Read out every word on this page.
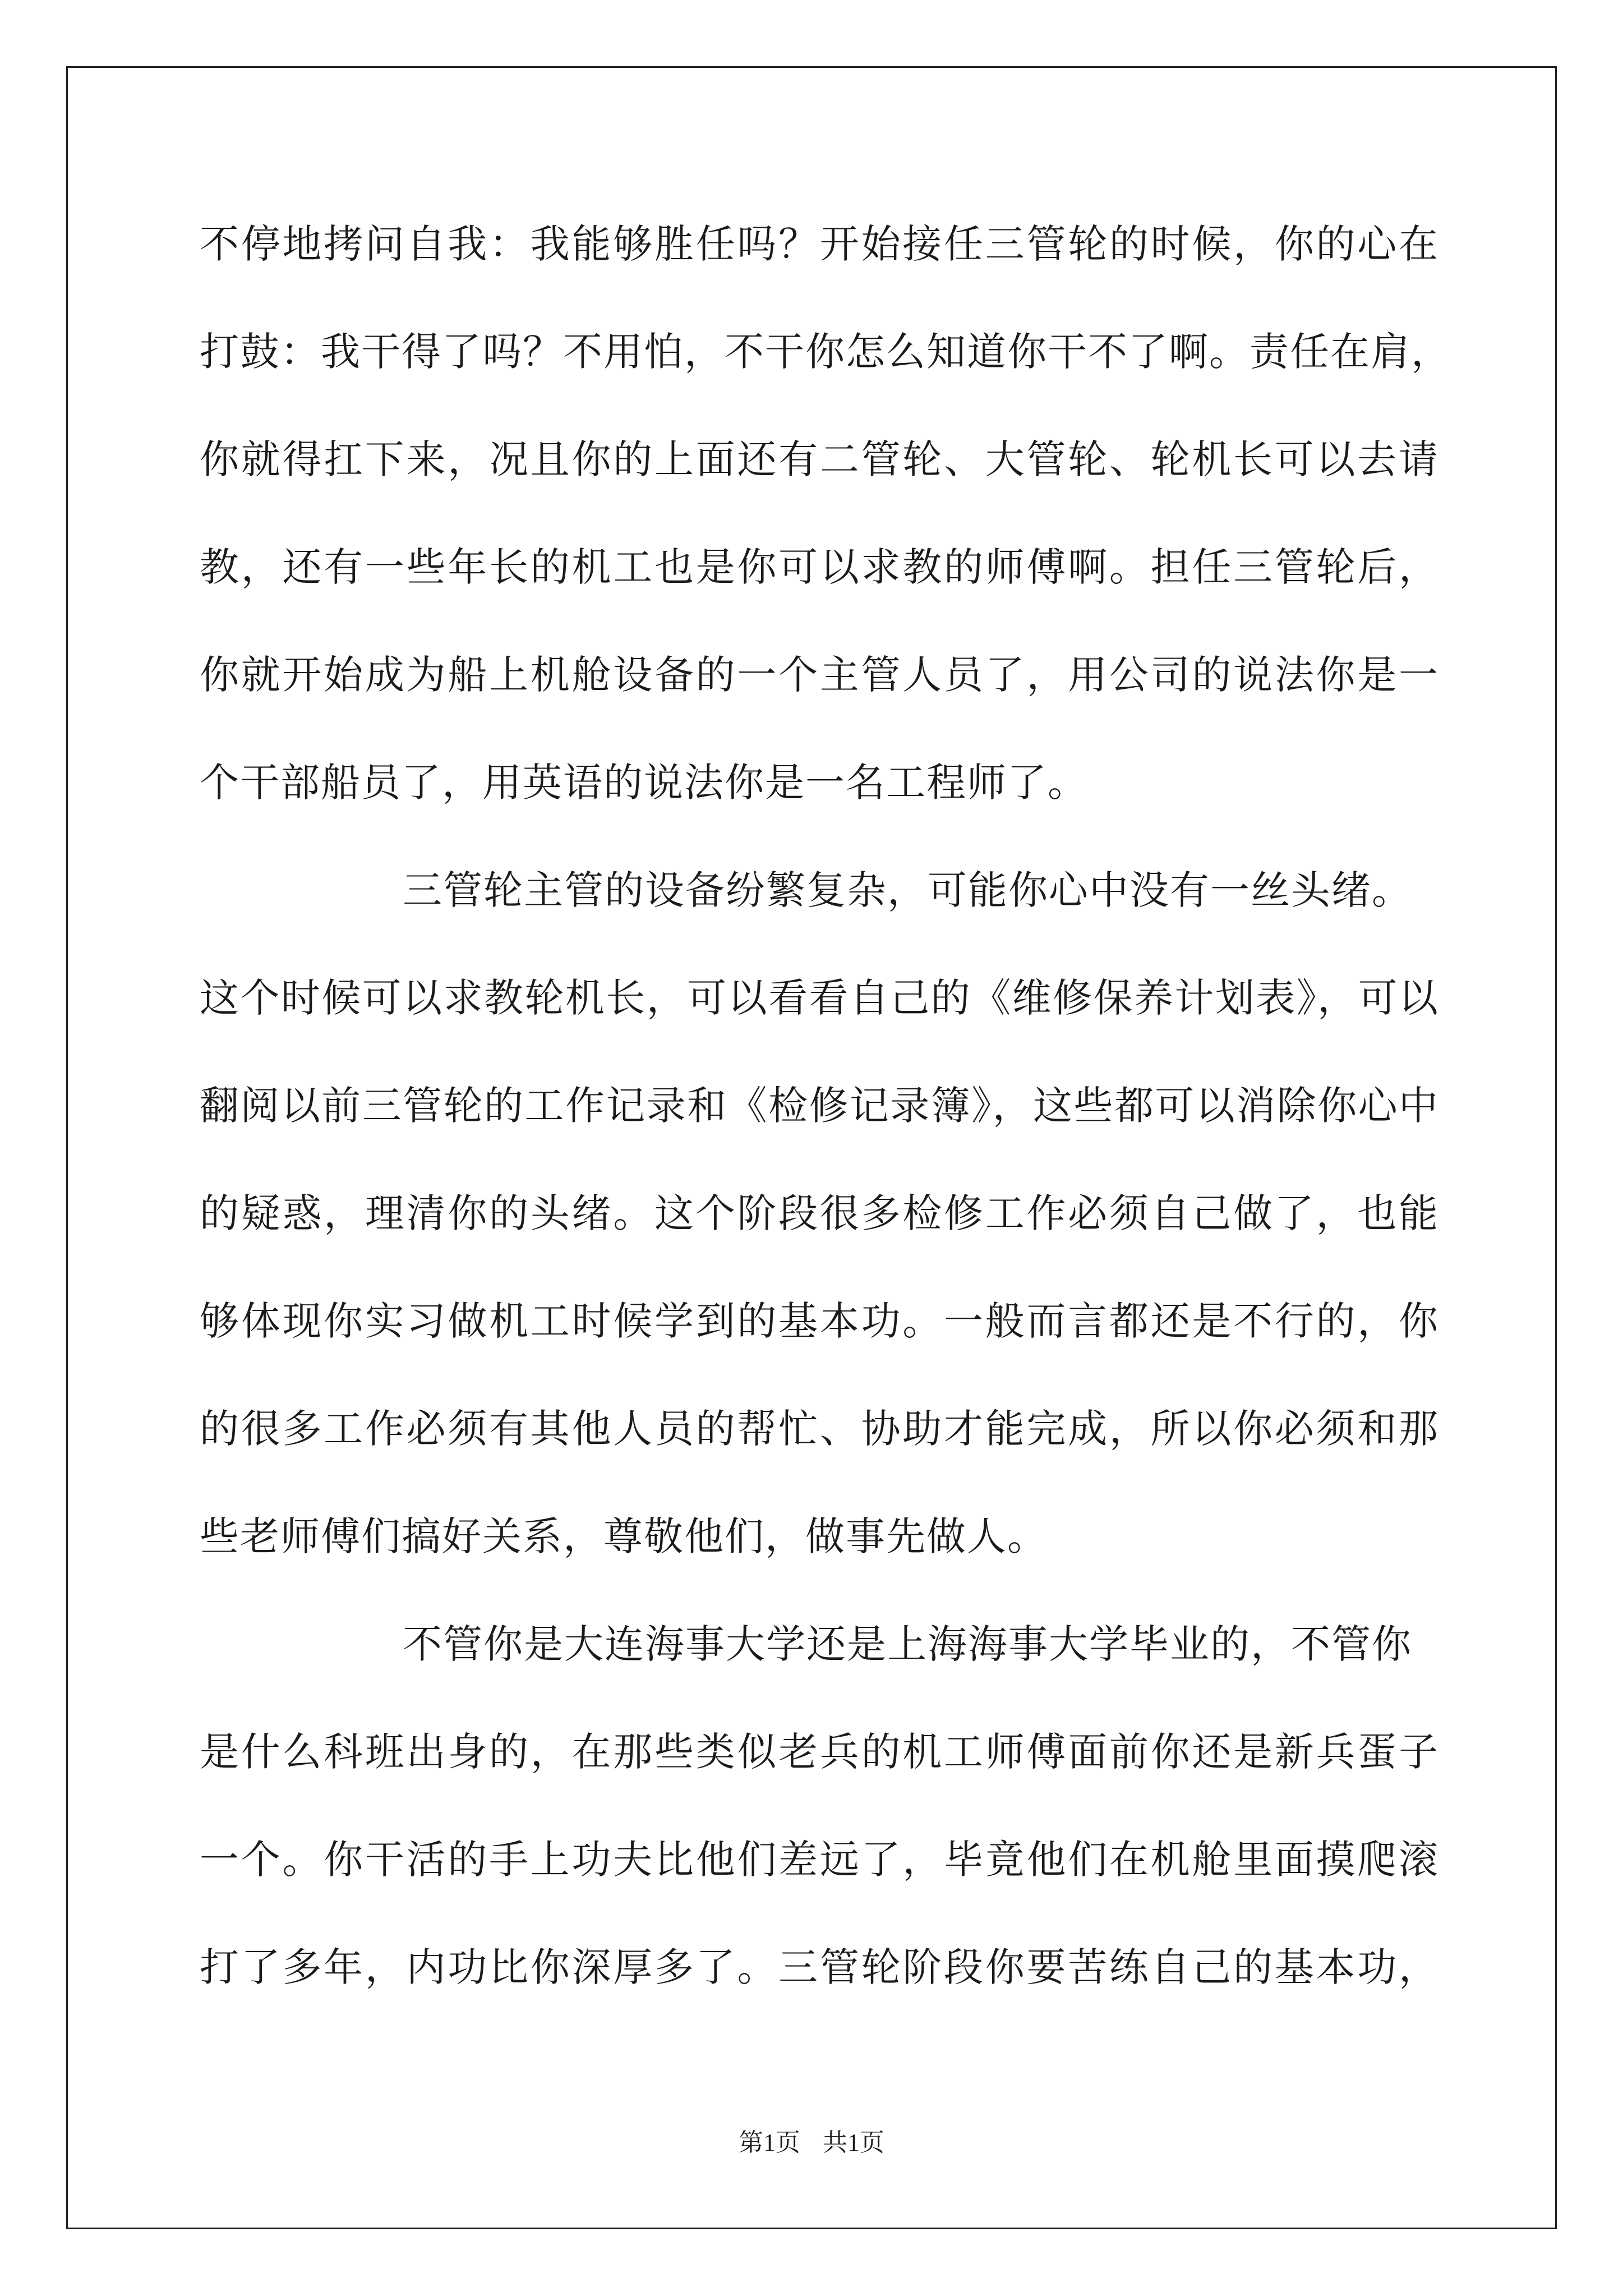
不停地拷问自我：我能够胜任吗？开始接任三管轮的时候，你的心在
打鼓：我干得了吗？不用怕，不干你怎么知道你干不了啊。责任在肩，
你就得扛下来，况且你的上面还有二管轮、大管轮、轮机长可以去请
教，还有一些年长的机工也是你可以求教的师傅啊。担任三管轮后，
你就开始成为船上机舱设备的一个主管人员了，用公司的说法你是一
个干部船员了，用英语的说法你是一名工程师了。
三管轮主管的设备纷繁复杂，可能你心中没有一丝头绪。
这个时候可以求教轮机长，可以看看自己的《维修保养计划表》，可以
翻阅以前三管轮的工作记录和《检修记录簿》，这些都可以消除你心中
的疑惑，理清你的头绪。这个阶段很多检修工作必须自己做了，也能
够体现你实习做机工时候学到的基本功。一般而言都还是不行的，你
的很多工作必须有其他人员的帮忙、协助才能完成，所以你必须和那
些老师傅们搞好关系，尊敬他们，做事先做人。
不管你是大连海事大学还是上海海事大学毕业的，不管你
是什么科班出身的，在那些类似老兵的机工师傅面前你还是新兵蛋子
一个。你干活的手上功夫比他们差远了，毕竟他们在机舱里面摸爬滚
打了多年，内功比你深厚多了。三管轮阶段你要苦练自己的基本功，
第1页 共1页
